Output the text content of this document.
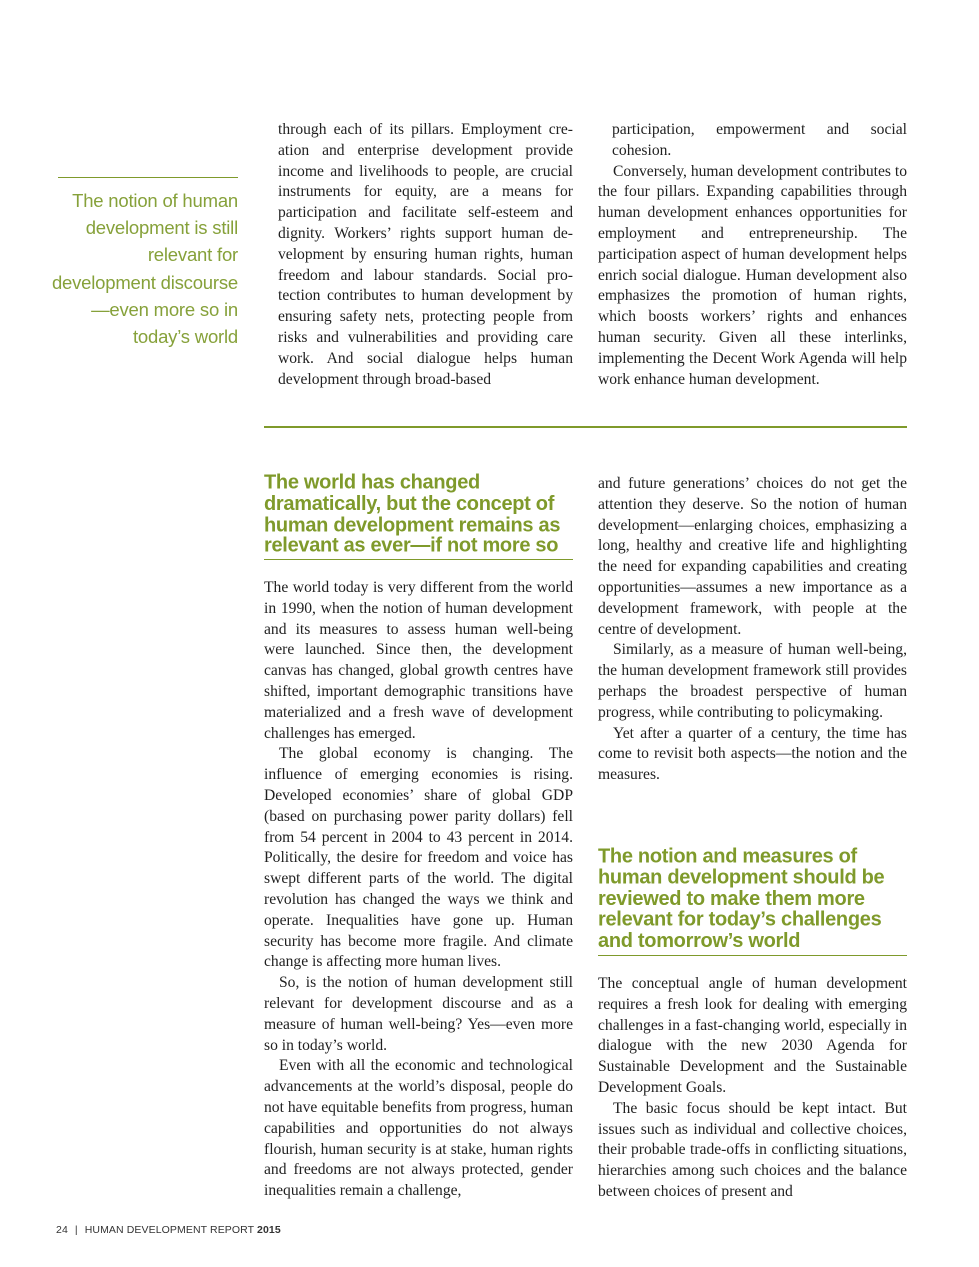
The notion of human development is still relevant for development discourse—even more so in today’s world

through each of its pillars. Employment creation and enterprise development provide income and livelihoods to people, are crucial instruments for equity, are a means for participation and facilitate self-esteem and dignity. Workers’ rights support human development by ensuring human rights, human freedom and labour standards. Social protection contributes to human development by ensuring safety nets, protecting people from risks and vulnerabilities and providing care work. And social dialogue helps human development through broad-based

participation, empowerment and social cohesion.

Conversely, human development contributes to the four pillars. Expanding capabilities through human development enhances opportunities for employment and entrepreneurship. The participation aspect of human development helps enrich social dialogue. Human development also emphasizes the promotion of human rights, which boosts workers’ rights and enhances human security. Given all these interlinks, implementing the Decent Work Agenda will help work enhance human development.

The world has changed dramatically, but the concept of human development remains as relevant as ever—if not more so

The world today is very different from the world in 1990, when the notion of human development and its measures to assess human well-being were launched. Since then, the development canvas has changed, global growth centres have shifted, important demographic transitions have materialized and a fresh wave of development challenges has emerged.

The global economy is changing. The influence of emerging economies is rising. Developed economies’ share of global GDP (based on purchasing power parity dollars) fell from 54 percent in 2004 to 43 percent in 2014. Politically, the desire for freedom and voice has swept different parts of the world. The digital revolution has changed the ways we think and operate. Inequalities have gone up. Human security has become more fragile. And climate change is affecting more human lives.

So, is the notion of human development still relevant for development discourse and as a measure of human well-being? Yes—even more so in today’s world.

Even with all the economic and technological advancements at the world’s disposal, people do not have equitable benefits from progress, human capabilities and opportunities do not always flourish, human security is at stake, human rights and freedoms are not always protected, gender inequalities remain a challenge,

and future generations’ choices do not get the attention they deserve. So the notion of human development—enlarging choices, emphasizing a long, healthy and creative life and highlighting the need for expanding capabilities and creating opportunities—assumes a new importance as a development framework, with people at the centre of development.

Similarly, as a measure of human well-being, the human development framework still provides perhaps the broadest perspective of human progress, while contributing to policymaking.

Yet after a quarter of a century, the time has come to revisit both aspects—the notion and the measures.

The notion and measures of human development should be reviewed to make them more relevant for today’s challenges and tomorrow’s world

The conceptual angle of human development requires a fresh look for dealing with emerging challenges in a fast-changing world, especially in dialogue with the new 2030 Agenda for Sustainable Development and the Sustainable Development Goals.

The basic focus should be kept intact. But issues such as individual and collective choices, their probable trade-offs in conflicting situations, hierarchies among such choices and the balance between choices of present and

24 | HUMAN DEVELOPMENT REPORT 2015
